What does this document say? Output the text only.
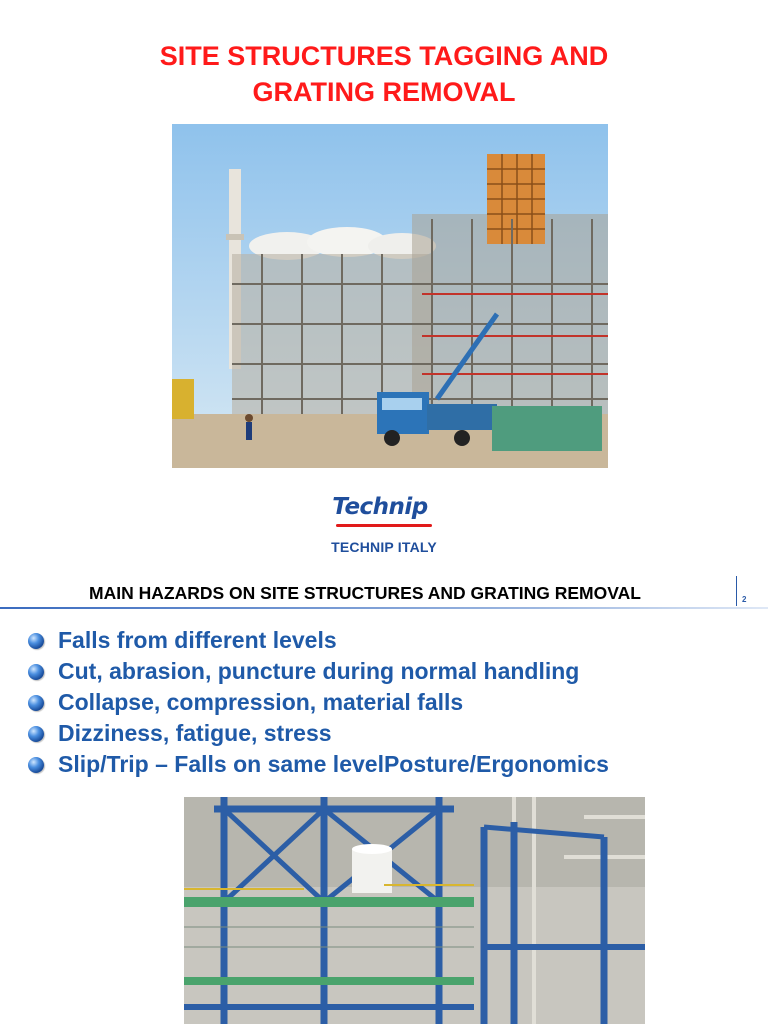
SITE STRUCTURES TAGGING AND
GRATING REMOVAL
Technip
TECHNIP ITALY
MAIN HAZARDS ON SITE STRUCTURES AND GRATING REMOVAL	2
Falls from different levels
Cut, abrasion, puncture during normal handling
Collapse, compression, material falls
Dizziness, fatigue, stress
Slip/Trip – Falls on same levelPosture/Ergonomics
